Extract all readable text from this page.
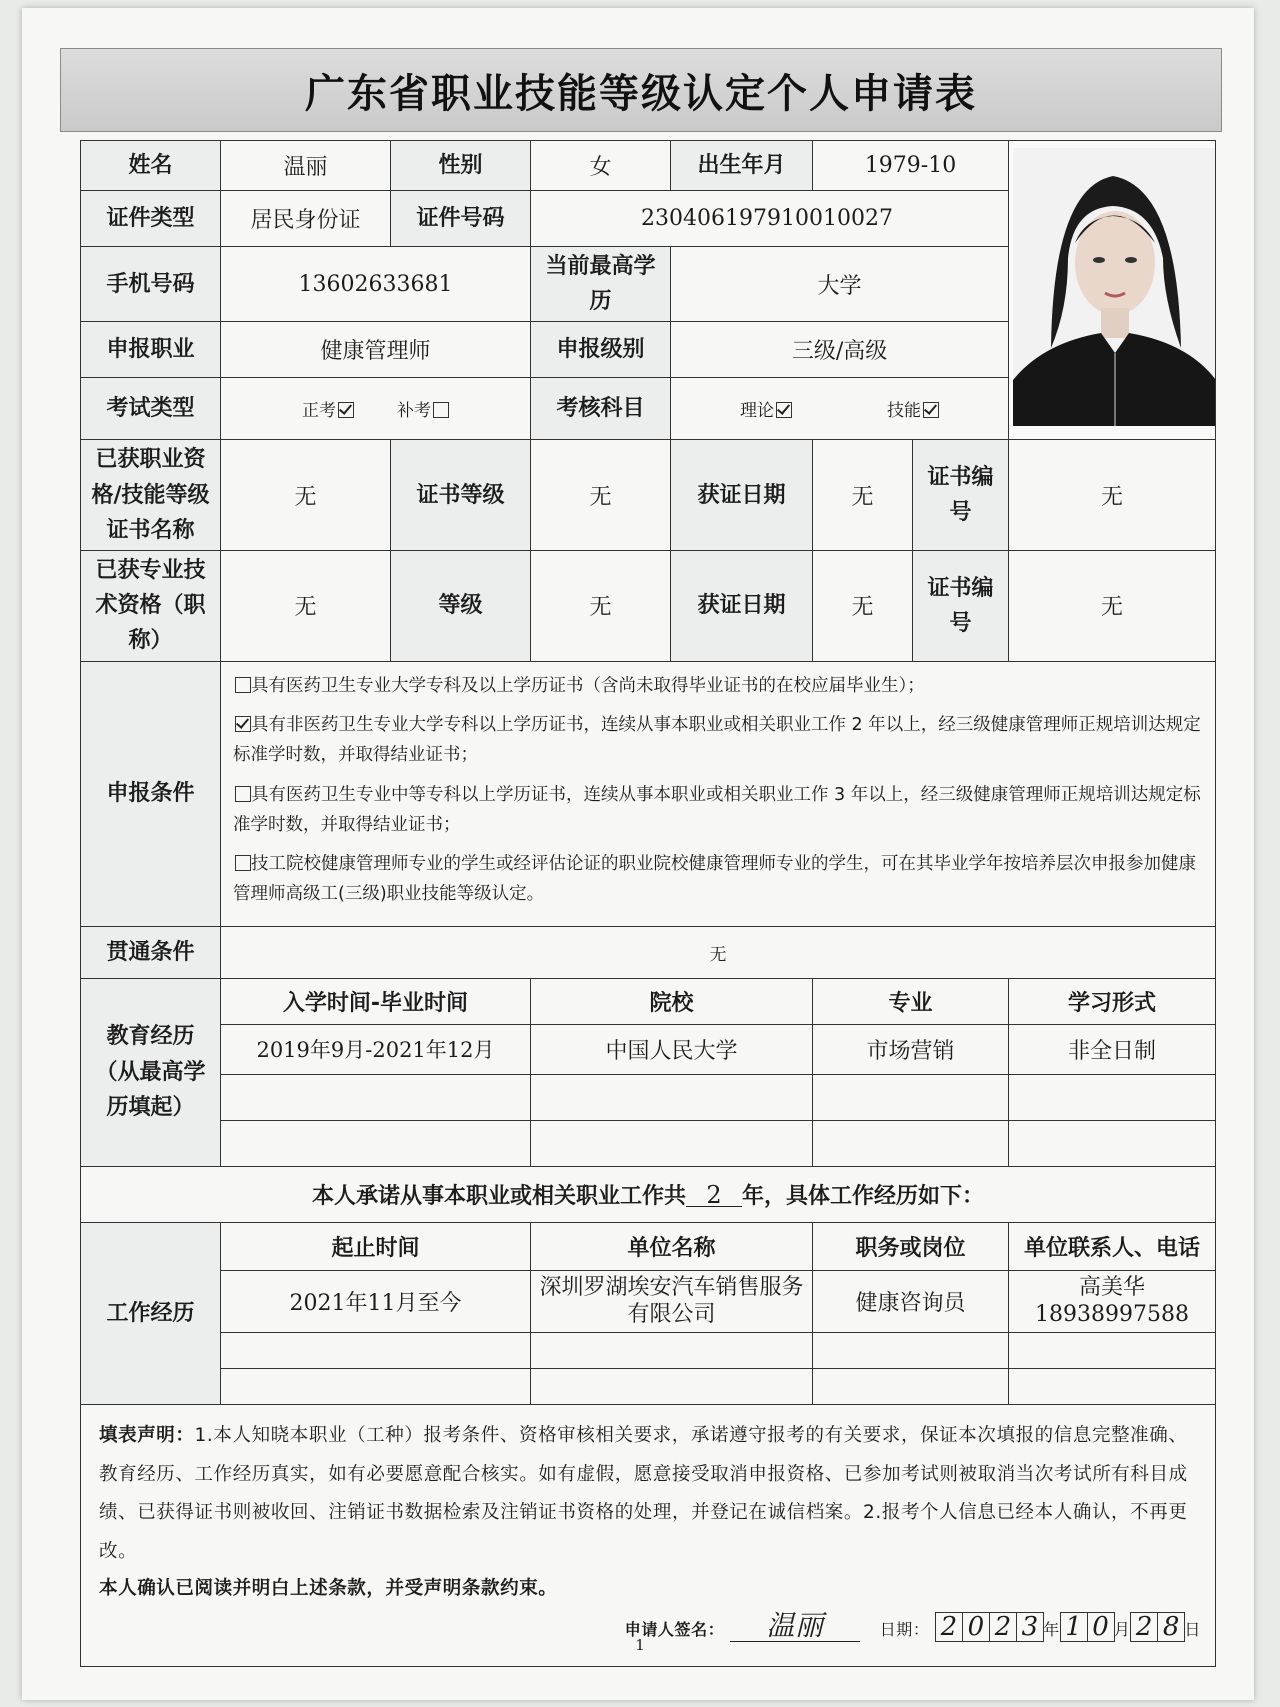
广东省职业技能等级认定个人申请表
姓名	温丽	性别	女	出生年月	1979-10	
证件类型	居民身份证	证件号码	230406197910010027				
手机号码	13602633681		当前最高学历	大学			
申报职业	健康管理师		申报级别	三级/高级			
考试类型	正考 补考		考核科目	理论 技能			
已获职业资格/技能等级证书名称	无	证书等级	无	获证日期	无	证书编号	无
已获专业技术资格（职称）	无	等级	无	获证日期	无	证书编号	无
申报条件	具有医药卫生专业大学专科及以上学历证书（含尚未取得毕业证书的在校应届毕业生）；

具有非医药卫生专业大学专科以上学历证书，连续从事本职业或相关职业工作 2 年以上，经三级健康管理师正规培训达规定标准学时数，并取得结业证书；

具有医药卫生专业中等专科以上学历证书，连续从事本职业或相关职业工作 3 年以上，经三级健康管理师正规培训达规定标准学时数，并取得结业证书；

技工院校健康管理师专业的学生或经评估论证的职业院校健康管理师专业的学生，可在其毕业学年按培养层次申报参加健康管理师高级工(三级)职业技能等级认定。						

贯通条件	无						
教育经历（从最高学历填起）	入学时间-毕业时间		院校		专业		学习形式
	2019年9月-2021年12月		中国人民大学		市场营销		非全日制

本人承诺从事本职业或相关职业工作共 2 年，具体工作经历如下：							
工作经历	起止时间		单位名称		职务或岗位		单位联系人、电话
	2021年11月至今		深圳罗湖埃安汽车销售服务有限公司		健康咨询员		高美华
18938997588

填表声明：1.本人知晓本职业（工种）报考条件、资格审核相关要求，承诺遵守报考的有关要求，保证本次填报的信息完整准确、教育经历、工作经历真实，如有必要愿意配合核实。如有虚假，愿意接受取消申报资格、已参加考试则被取消当次考试所有科目成绩、已获得证书则被收回、注销证书数据检索及注销证书资格的处理，并登记在诚信档案。2.报考个人信息已经本人确认，不再更改。
本人确认已阅读并明白上述条款，并受声明条款约束。
申请人签名： 温丽 日期： 2 0 2 3 年 1 0 月 2 8 日							
1
